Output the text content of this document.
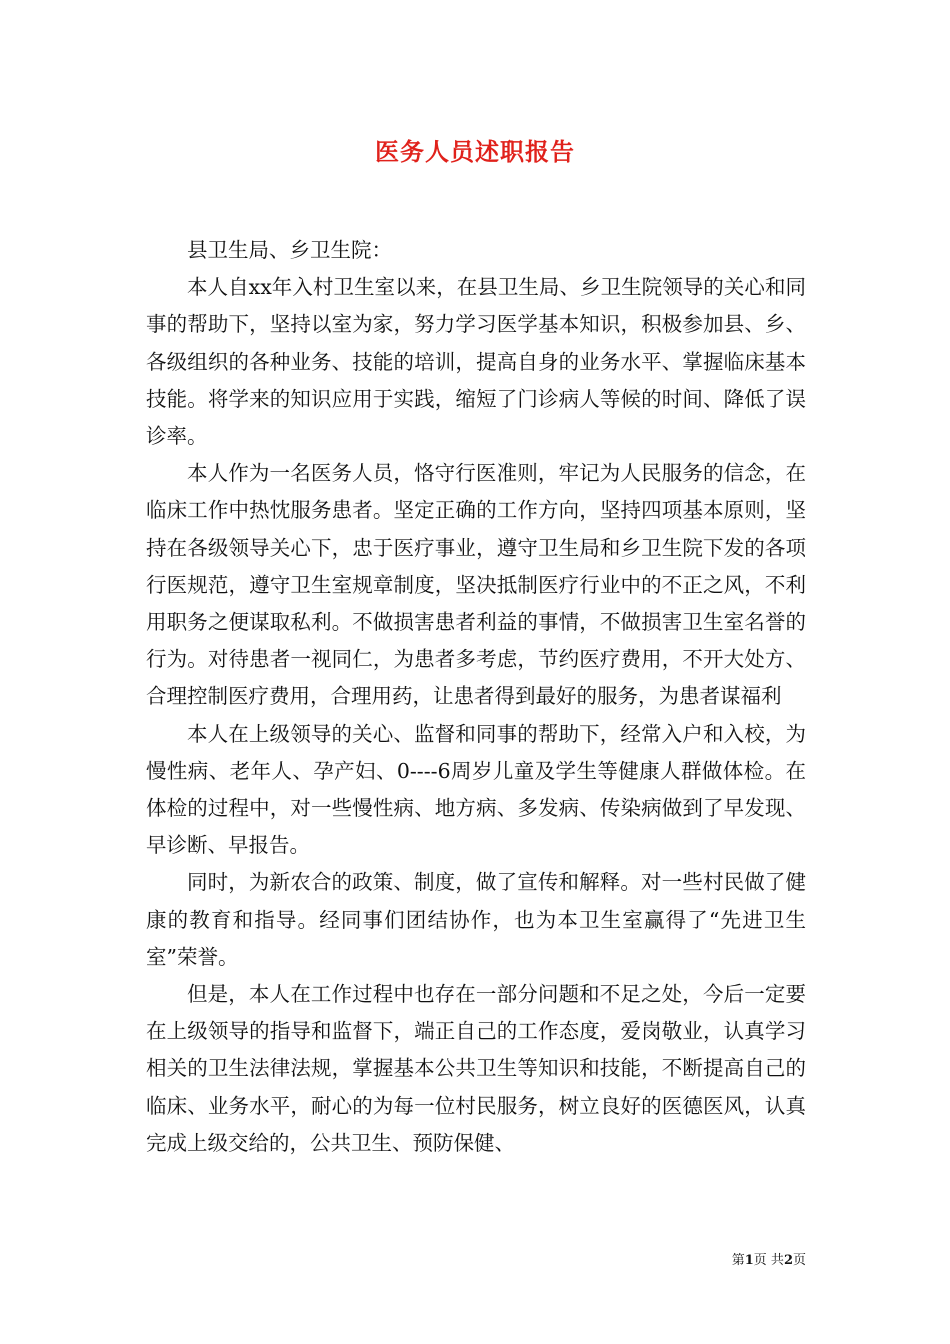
医务人员述职报告

县卫生局、乡卫生院：

本人自xx年入村卫生室以来，在县卫生局、乡卫生院领导的关心和同事的帮助下，坚持以室为家，努力学习医学基本知识，积极参加县、乡、各级组织的各种业务、技能的培训，提高自身的业务水平、掌握临床基本技能。将学来的知识应用于实践，缩短了门诊病人等候的时间、降低了误诊率。

本人作为一名医务人员，恪守行医准则，牢记为人民服务的信念，在临床工作中热忱服务患者。坚定正确的工作方向，坚持四项基本原则，坚持在各级领导关心下，忠于医疗事业，遵守卫生局和乡卫生院下发的各项行医规范，遵守卫生室规章制度，坚决抵制医疗行业中的不正之风，不利用职务之便谋取私利。不做损害患者利益的事情，不做损害卫生室名誉的行为。对待患者一视同仁，为患者多考虑，节约医疗费用，不开大处方、合理控制医疗费用，合理用药，让患者得到最好的服务，为患者谋福利

本人在上级领导的关心、监督和同事的帮助下，经常入户和入校，为慢性病、老年人、孕产妇、0----6周岁儿童及学生等健康人群做体检。在体检的过程中，对一些慢性病、地方病、多发病、传染病做到了早发现、早诊断、早报告。

同时，为新农合的政策、制度，做了宣传和解释。对一些村民做了健康的教育和指导。经同事们团结协作，也为本卫生室赢得了“先进卫生室”荣誉。

但是，本人在工作过程中也存在一部分问题和不足之处，今后一定要在上级领导的指导和监督下，端正自己的工作态度，爱岗敬业，认真学习相关的卫生法律法规，掌握基本公共卫生等知识和技能，不断提高自己的临床、业务水平，耐心的为每一位村民服务，树立良好的医德医风，认真完成上级交给的，公共卫生、预防保健、

第1页 共2页
